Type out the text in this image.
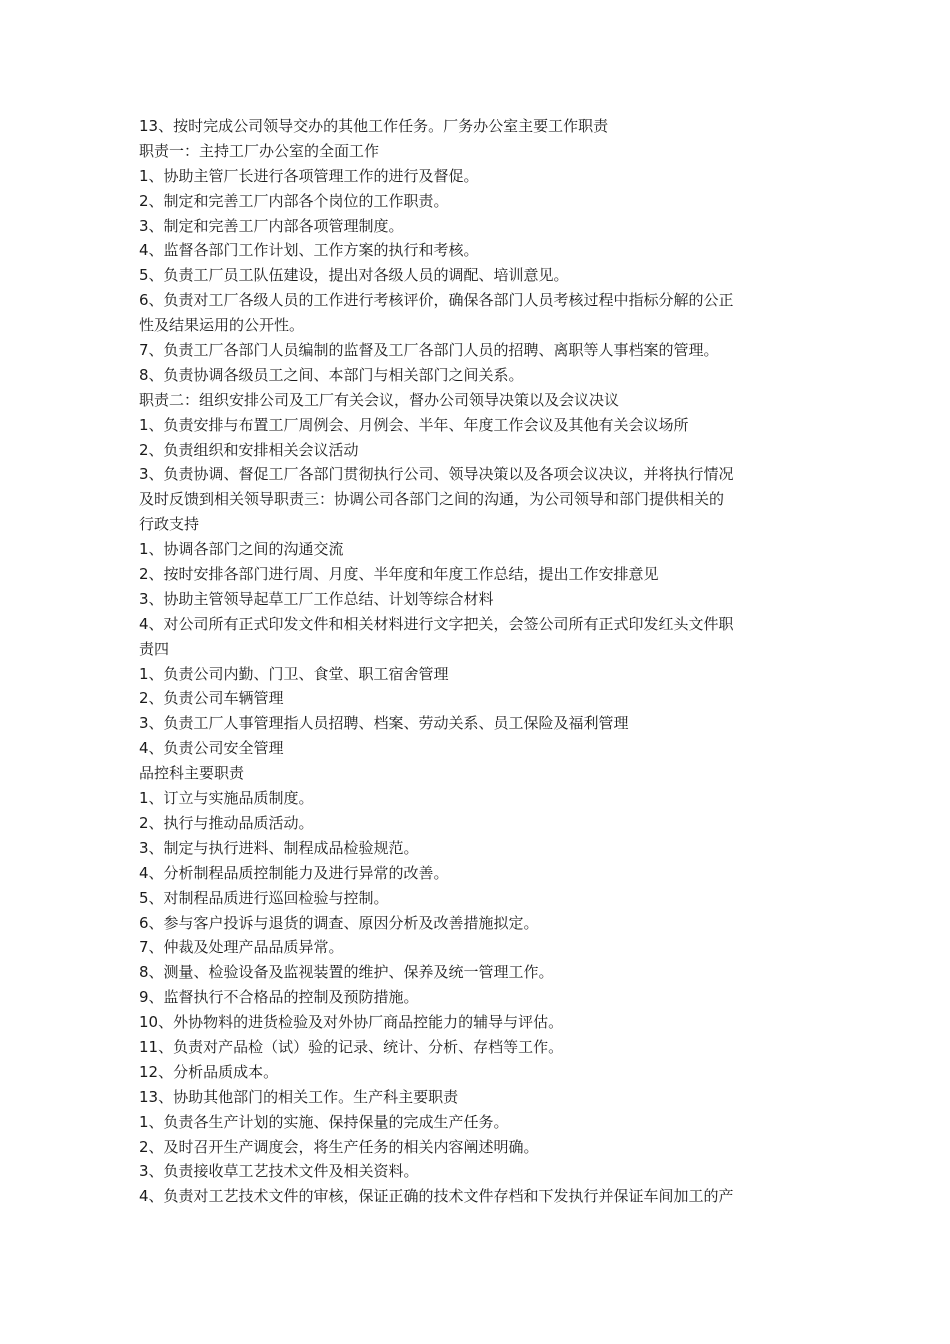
13、按时完成公司领导交办的其他工作任务。厂务办公室主要工作职责
职责一：主持工厂办公室的全面工作
1、协助主管厂长进行各项管理工作的进行及督促。
2、制定和完善工厂内部各个岗位的工作职责。
3、制定和完善工厂内部各项管理制度。
4、监督各部门工作计划、工作方案的执行和考核。
5、负责工厂员工队伍建设，提出对各级人员的调配、培训意见。
6、负责对工厂各级人员的工作进行考核评价，确保各部门人员考核过程中指标分解的公正
性及结果运用的公开性。
7、负责工厂各部门人员编制的监督及工厂各部门人员的招聘、离职等人事档案的管理。
8、负责协调各级员工之间、本部门与相关部门之间关系。
职责二：组织安排公司及工厂有关会议，督办公司领导决策以及会议决议
1、负责安排与布置工厂周例会、月例会、半年、年度工作会议及其他有关会议场所
2、负责组织和安排相关会议活动
3、负责协调、督促工厂各部门贯彻执行公司、领导决策以及各项会议决议，并将执行情况
及时反馈到相关领导职责三：协调公司各部门之间的沟通，为公司领导和部门提供相关的
行政支持
1、协调各部门之间的沟通交流
2、按时安排各部门进行周、月度、半年度和年度工作总结，提出工作安排意见
3、协助主管领导起草工厂工作总结、计划等综合材料
4、对公司所有正式印发文件和相关材料进行文字把关，会签公司所有正式印发红头文件职
责四
1、负责公司内勤、门卫、食堂、职工宿舍管理
2、负责公司车辆管理
3、负责工厂人事管理指人员招聘、档案、劳动关系、员工保险及福利管理
4、负责公司安全管理
品控科主要职责
1、订立与实施品质制度。
2、执行与推动品质活动。
3、制定与执行进料、制程成品检验规范。
4、分析制程品质控制能力及进行异常的改善。
5、对制程品质进行巡回检验与控制。
6、参与客户投诉与退货的调查、原因分析及改善措施拟定。
7、仲裁及处理产品品质异常。
8、测量、检验设备及监视装置的维护、保养及统一管理工作。
9、监督执行不合格品的控制及预防措施。
10、外协物料的进货检验及对外协厂商品控能力的辅导与评估。
11、负责对产品检（试）验的记录、统计、分析、存档等工作。
12、分析品质成本。
13、协助其他部门的相关工作。生产科主要职责
1、负责各生产计划的实施、保持保量的完成生产任务。
2、及时召开生产调度会，将生产任务的相关内容阐述明确。
3、负责接收草工艺技术文件及相关资料。
4、负责对工艺技术文件的审核，保证正确的技术文件存档和下发执行并保证车间加工的产
